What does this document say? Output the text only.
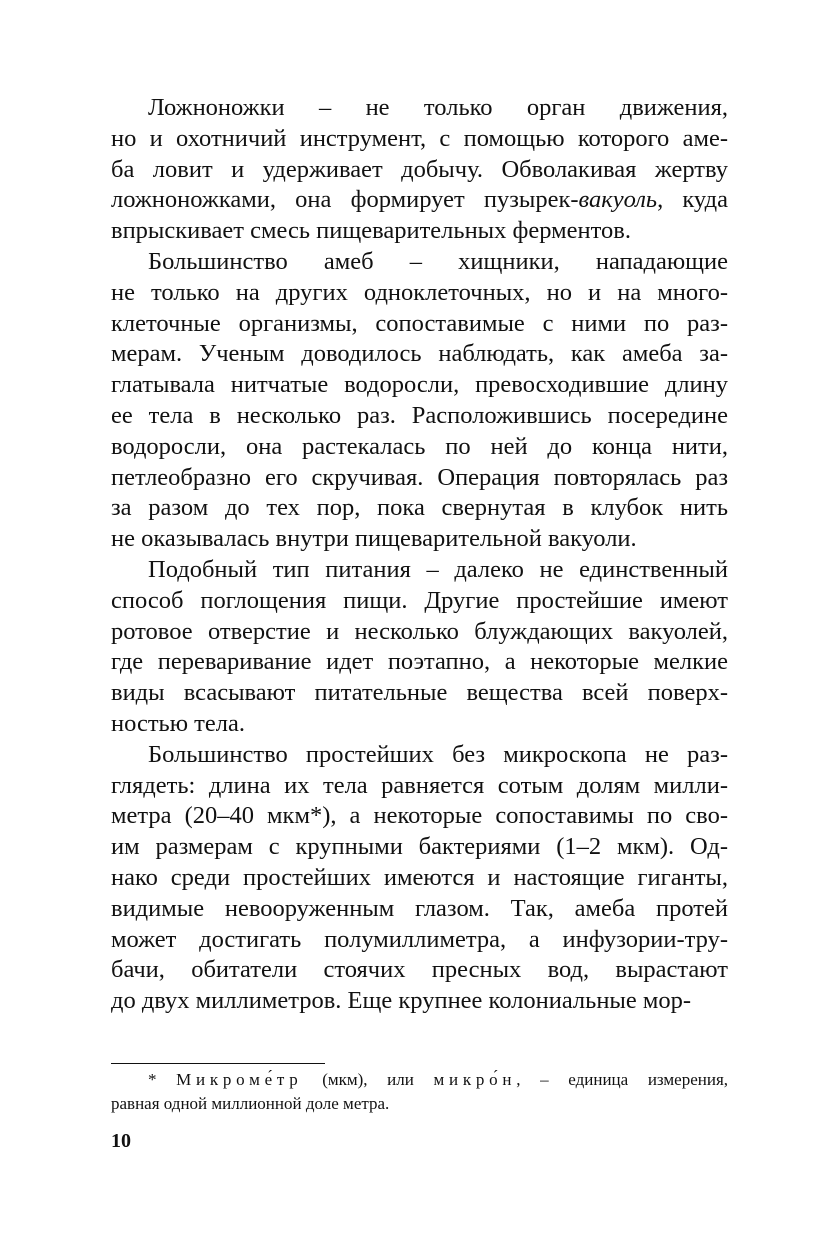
Ложноножки – не только орган движения,
но и охотничий инструмент, с помощью которого аме-
ба ловит и удерживает добычу. Обволакивая жертву
ложноножками, она формирует пузырек-вакуоль, куда
впрыскивает смесь пищеварительных ферментов.
Большинство амеб – хищники, нападающие
не только на других одноклеточных, но и на много-
клеточные организмы, сопоставимые с ними по раз-
мерам. Ученым доводилось наблюдать, как амеба за-
глатывала нитчатые водоросли, превосходившие длину
ее тела в несколько раз. Расположившись посередине
водоросли, она растекалась по ней до конца нити,
петлеобразно его скручивая. Операция повторялась раз
за разом до тех пор, пока свернутая в клубок нить
не оказывалась внутри пищеварительной вакуоли.
Подобный тип питания – далеко не единственный
способ поглощения пищи. Другие простейшие имеют
ротовое отверстие и несколько блуждающих вакуолей,
где переваривание идет поэтапно, а некоторые мелкие
виды всасывают питательные вещества всей поверх-
ностью тела.
Большинство простейших без микроскопа не раз-
глядеть: длина их тела равняется сотым долям милли-
метра (20–40 мкм*), а некоторые сопоставимы по сво-
им размерам с крупными бактериями (1–2 мкм). Од-
нако среди простейших имеются и настоящие гиганты,
видимые невооруженным глазом. Так, амеба протей
может достигать полумиллиметра, а инфузории-тру-
бачи, обитатели стоячих пресных вод, вырастают
до двух миллиметров. Еще крупнее колониальные мор-
* Микроме́тр (мкм), или микро́н, – единица измерения,
равная одной миллионной доле метра.
10
